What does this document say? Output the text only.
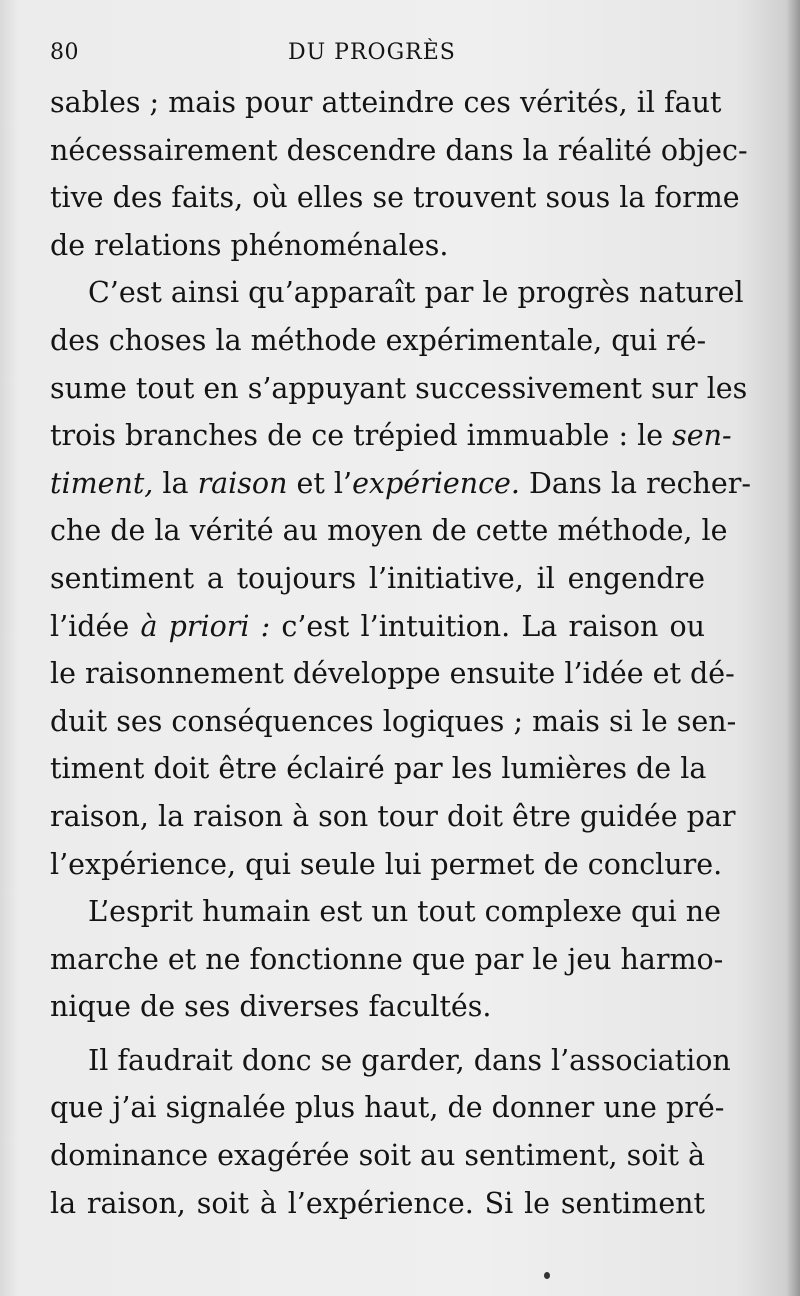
80	DU PROGRÈS
sables ; mais pour atteindre ces vérités, il faut
nécessairement descendre dans la réalité objec-
tive des faits, où elles se trouvent sous la forme
de relations phénoménales.
C’est ainsi qu’apparaît par le progrès naturel
des choses la méthode expérimentale, qui ré-
sume tout en s’appuyant successivement sur les
trois branches de ce trépied immuable : le sen-
timent, la raison et l’expérience. Dans la recher-
che de la vérité au moyen de cette méthode, le
sentiment a toujours l’initiative, il engendre
l’idée à priori : c’est l’intuition. La raison ou
le raisonnement développe ensuite l’idée et dé-
duit ses conséquences logiques ; mais si le sen-
timent doit être éclairé par les lumières de la
raison, la raison à son tour doit être guidée par
l’expérience, qui seule lui permet de conclure.
L’esprit humain est un tout complexe qui ne
marche et ne fonctionne que par le jeu harmo-
nique de ses diverses facultés.
Il faudrait donc se garder, dans l’association
que j’ai signalée plus haut, de donner une pré-
dominance exagérée soit au sentiment, soit à
la raison, soit à l’expérience. Si le sentiment
